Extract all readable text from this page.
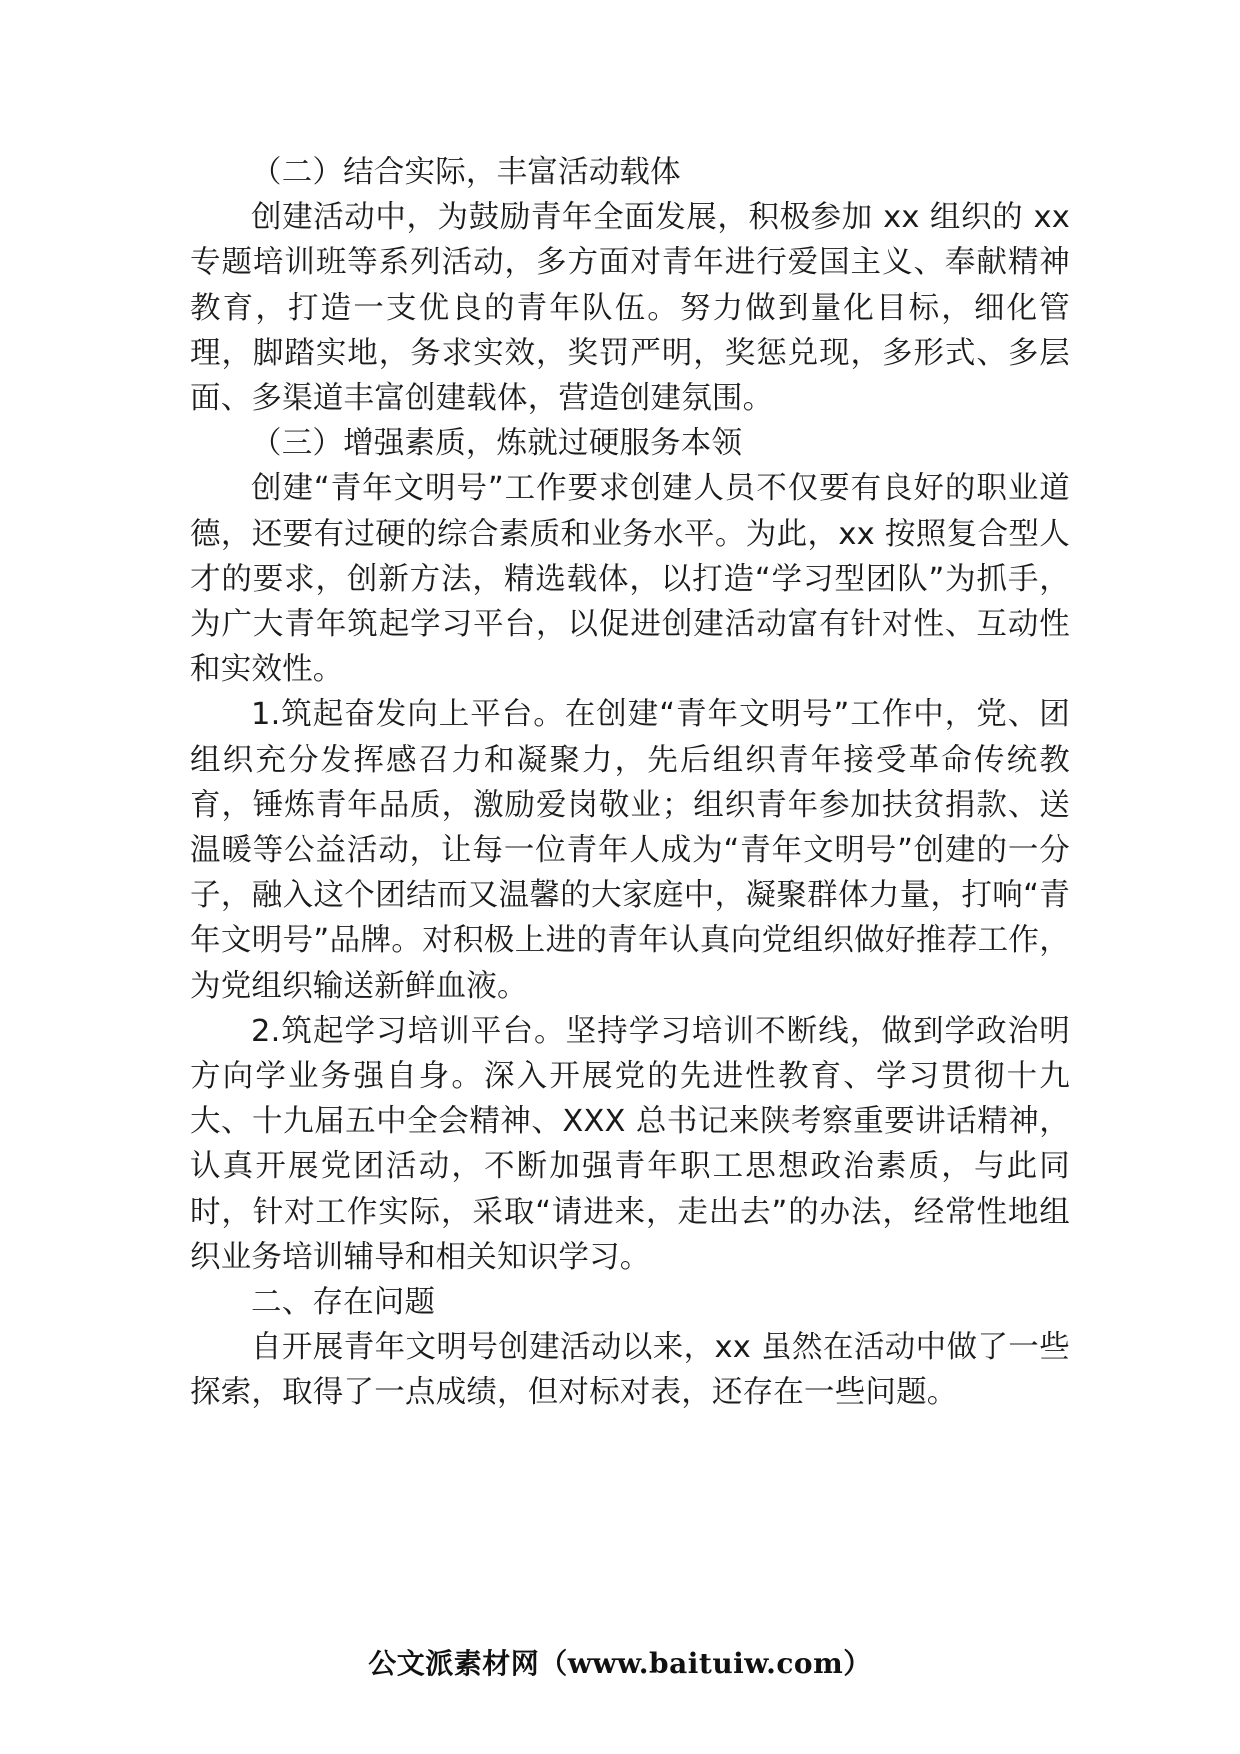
（二）结合实际，丰富活动载体

创建活动中，为鼓励青年全面发展，积极参加 xx 组织的 xx 专题培训班等系列活动，多方面对青年进行爱国主义、奉献精神教育，打造一支优良的青年队伍。努力做到量化目标，细化管理，脚踏实地，务求实效，奖罚严明，奖惩兑现，多形式、多层面、多渠道丰富创建载体，营造创建氛围。

（三）增强素质，炼就过硬服务本领

创建“青年文明号”工作要求创建人员不仅要有良好的职业道德，还要有过硬的综合素质和业务水平。为此，xx 按照复合型人才的要求，创新方法，精选载体，以打造“学习型团队”为抓手，为广大青年筑起学习平台，以促进创建活动富有针对性、互动性和实效性。

1.筑起奋发向上平台。在创建“青年文明号”工作中，党、团组织充分发挥感召力和凝聚力，先后组织青年接受革命传统教育，锤炼青年品质，激励爱岗敬业；组织青年参加扶贫捐款、送温暖等公益活动，让每一位青年人成为“青年文明号”创建的一分子，融入这个团结而又温馨的大家庭中，凝聚群体力量，打响“青年文明号”品牌。对积极上进的青年认真向党组织做好推荐工作，为党组织输送新鲜血液。

2.筑起学习培训平台。坚持学习培训不断线，做到学政治明方向学业务强自身。深入开展党的先进性教育、学习贯彻十九大、十九届五中全会精神、XXX 总书记来陕考察重要讲话精神，认真开展党团活动，不断加强青年职工思想政治素质，与此同时，针对工作实际，采取“请进来，走出去”的办法，经常性地组织业务培训辅导和相关知识学习。

二、存在问题

自开展青年文明号创建活动以来，xx 虽然在活动中做了一些探索，取得了一点成绩，但对标对表，还存在一些问题。

公文派素材网（www.baituiw.com）
